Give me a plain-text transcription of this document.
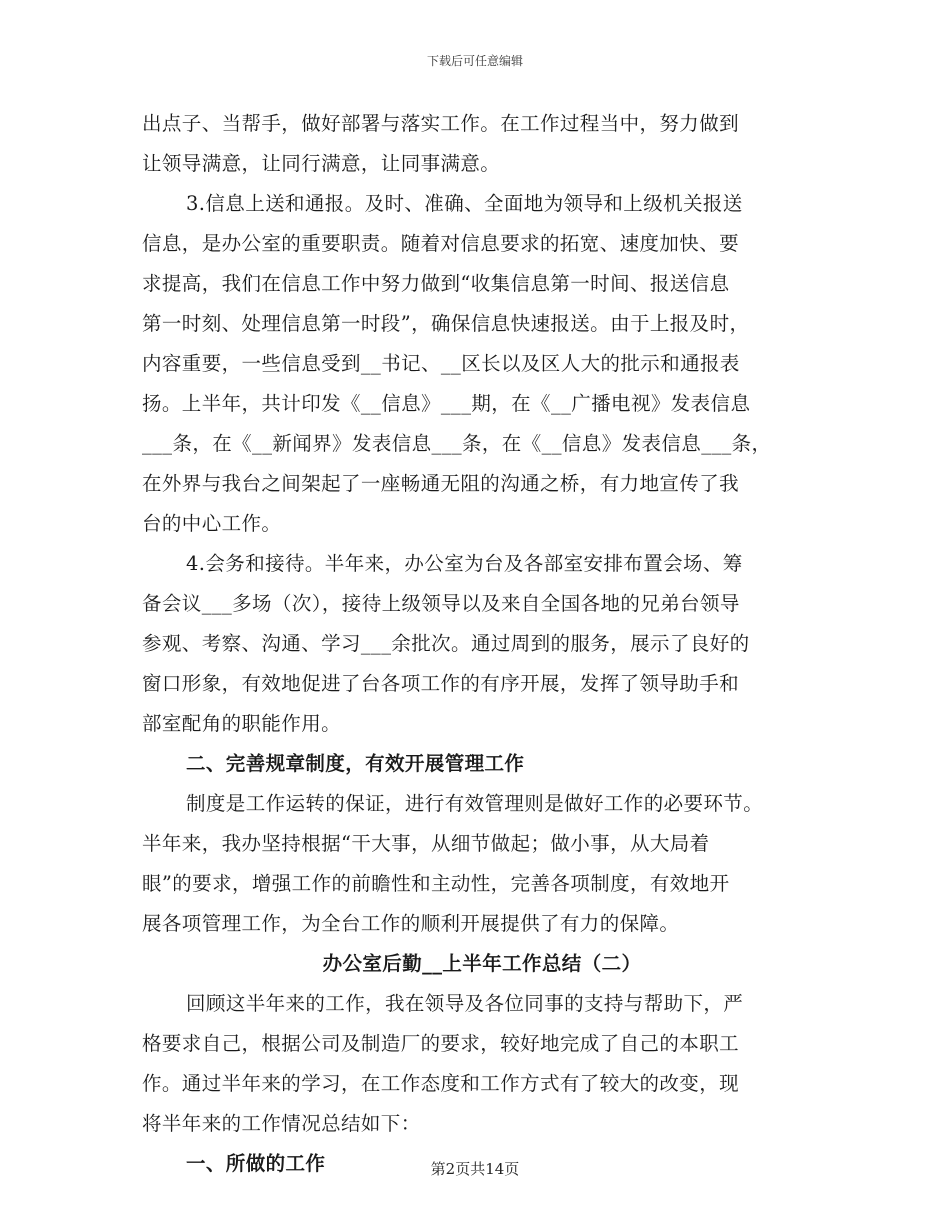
下载后可任意编辑
出点子、当帮手，做好部署与落实工作。在工作过程当中，努力做到
让领导满意，让同行满意，让同事满意。
3.信息上送和通报。及时、准确、全面地为领导和上级机关报送
信息，是办公室的重要职责。随着对信息要求的拓宽、速度加快、要
求提高，我们在信息工作中努力做到“收集信息第一时间、报送信息
第一时刻、处理信息第一时段”，确保信息快速报送。由于上报及时，
内容重要，一些信息受到__书记、__区长以及区人大的批示和通报表
扬。上半年，共计印发《__信息》___期，在《__广播电视》发表信息
___条，在《__新闻界》发表信息___条，在《__信息》发表信息___条，
在外界与我台之间架起了一座畅通无阻的沟通之桥，有力地宣传了我
台的中心工作。
4.会务和接待。半年来，办公室为台及各部室安排布置会场、筹
备会议___多场（次），接待上级领导以及来自全国各地的兄弟台领导
参观、考察、沟通、学习___余批次。通过周到的服务，展示了良好的
窗口形象，有效地促进了台各项工作的有序开展，发挥了领导助手和
部室配角的职能作用。
二、完善规章制度，有效开展管理工作
制度是工作运转的保证，进行有效管理则是做好工作的必要环节。
半年来，我办坚持根据“干大事，从细节做起；做小事，从大局着
眼”的要求，增强工作的前瞻性和主动性，完善各项制度，有效地开
展各项管理工作，为全台工作的顺利开展提供了有力的保障。
办公室后勤__上半年工作总结（二）
回顾这半年来的工作，我在领导及各位同事的支持与帮助下，严
格要求自己，根据公司及制造厂的要求，较好地完成了自己的本职工
作。通过半年来的学习，在工作态度和工作方式有了较大的改变，现
将半年来的工作情况总结如下：
一、所做的工作	第2页共14页
